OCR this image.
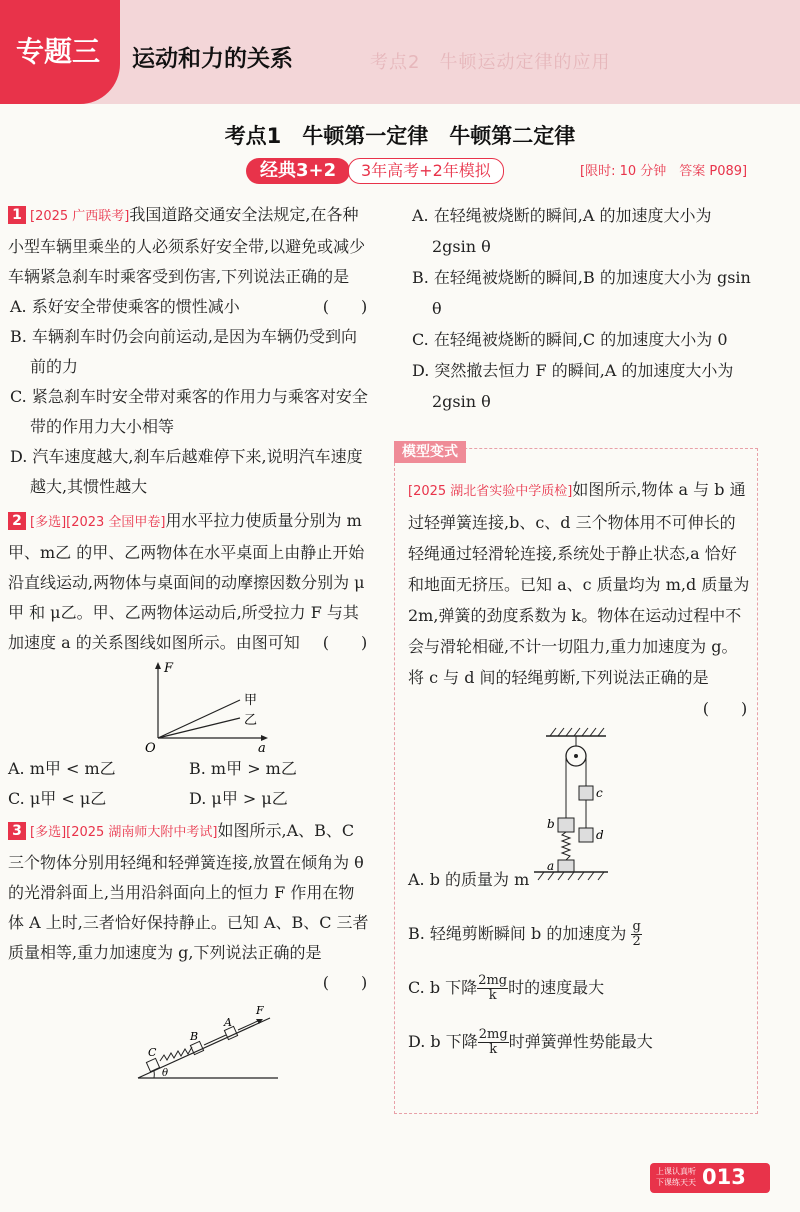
专题三 运动和力的关系	考点2　牛顿运动定律的应用
考点1　牛顿第一定律　牛顿第二定律
经典3+2	3年高考+2年模拟	[限时: 10 分钟　答案 P089]
1 [2025 广西联考]我国道路交通安全法规定,在各种小型车辆里乘坐的人必须系好安全带,以避免或减少车辆紧急刹车时乘客受到伤害,下列说法正确的是
(　　)
A. 系好安全带使乘客的惯性减小
B. 车辆刹车时仍会向前运动,是因为车辆仍受到向前的力
C. 紧急刹车时安全带对乘客的作用力与乘客对安全带的作用力大小相等
D. 汽车速度越大,刹车后越难停下来,说明汽车速度越大,其惯性越大
2 [多选][2023 全国甲卷]用水平拉力使质量分别为 m甲、m乙 的甲、乙两物体在水平桌面上由静止开始沿直线运动,两物体与桌面间的动摩擦因数分别为 μ甲 和 μ乙。甲、乙两物体运动后,所受拉力 F 与其加速度 a 的关系图线如图所示。由图可知 (　　)
F
a
O
甲
乙
A. m甲 < m乙	B. m甲 > m乙
C. μ甲 < μ乙	D. μ甲 > μ乙
3 [多选][2025 湖南师大附中考试]如图所示,A、B、C 三个物体分别用轻绳和轻弹簧连接,放置在倾角为 θ 的光滑斜面上,当用沿斜面向上的恒力 F 作用在物体 A 上时,三者恰好保持静止。已知 A、B、C 三者质量相等,重力加速度为 g,下列说法正确的是
(　　)
C
B
A
F
θ
A. 在轻绳被烧断的瞬间,A 的加速度大小为 2gsin θ
B. 在轻绳被烧断的瞬间,B 的加速度大小为 gsin θ
C. 在轻绳被烧断的瞬间,C 的加速度大小为 0
D. 突然撤去恒力 F 的瞬间,A 的加速度大小为 2gsin θ
模型变式
[2025 湖北省实验中学质检]如图所示,物体 a 与 b 通过轻弹簧连接,b、c、d 三个物体用不可伸长的轻绳通过轻滑轮连接,系统处于静止状态,a 恰好和地面无挤压。已知 a、c 质量均为 m,d 质量为 2m,弹簧的劲度系数为 k。物体在运动过程中不会与滑轮相碰,不计一切阻力,重力加速度为 g。将 c 与 d 间的轻绳剪断,下列说法正确的是
(　　)
a
b
c
d
A. b 的质量为 m
B. 轻绳剪断瞬间 b 的加速度为 $\frac{g}{2}$
C. b 下降 $\frac{2mg}{k}$ 时的速度最大
D. b 下降 $\frac{2mg}{k}$ 时弹簧弹性势能最大
上课认真听
下课练天天 013
